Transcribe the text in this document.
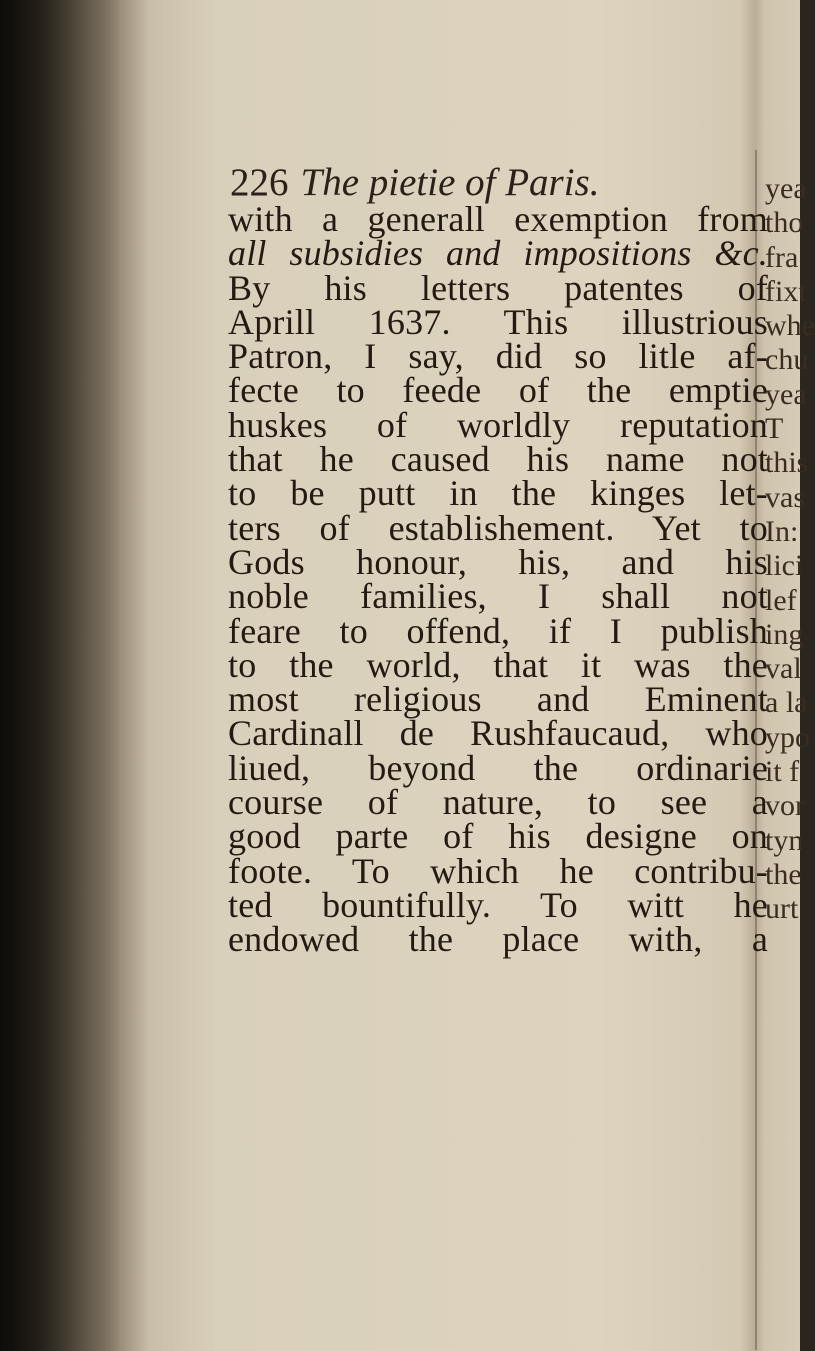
226 The pietie of Paris.
with a generall exemption from
all subsidies and impositions &c.
By his letters patentes of
Aprill 1637. This illustrious
Patron, I say, did so litle af-
fecte to feede of the emptie
huskes of worldly reputation
that he caused his name not
to be putt in the kinges let-
ters of establishement. Yet to
Gods honour, his, and his
noble families, I shall not
feare to offend, if I publish
to the world, that it was the
most religious and Eminent
Cardinall de Rushfaucaud, who
liued, beyond the ordinarie
course of nature, to see a
good parte of his designe on
foote. To which he contribu-
ted bountifully. To witt he
endowed the place with, a
yea
tho
fra
fixt
whe
chu
yea
T
this
vas
In:
lici
lef
ing
val
a la
ypo
it f
vor
tyn
the
urt
